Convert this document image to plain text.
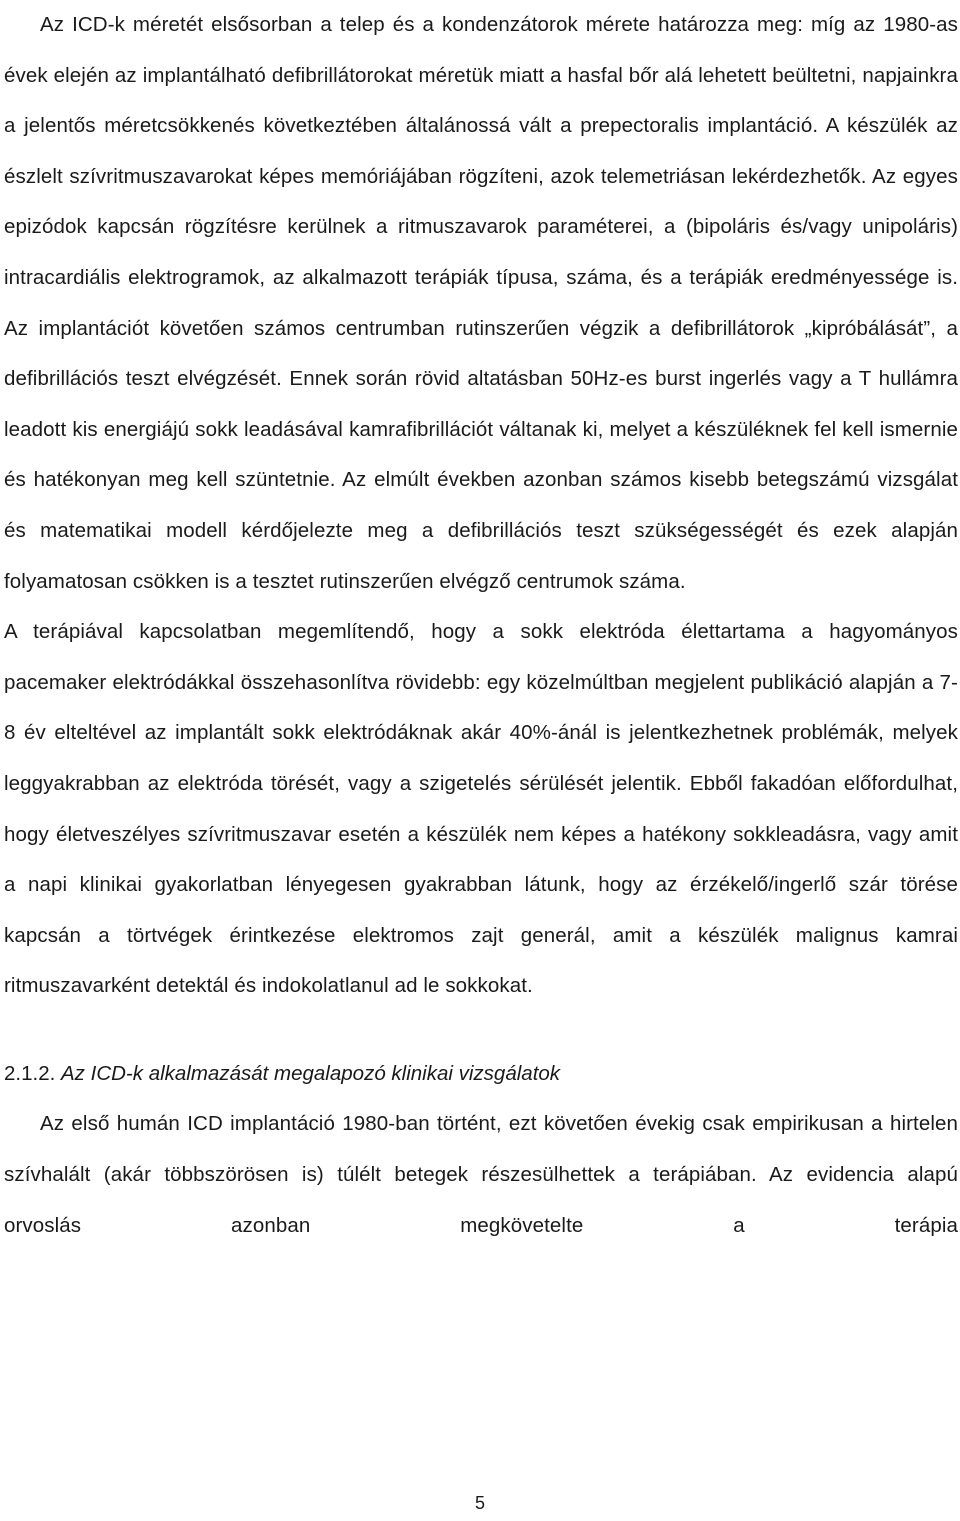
Az ICD-k méretét elsősorban a telep és a kondenzátorok mérete határozza meg: míg az 1980-as évek elején az implantálható defibrillátorokat méretük miatt a hasfal bőr alá lehetett beültetni, napjainkra a jelentős méretcsökkenés következtében általánossá vált a prepectoralis implantáció. A készülék az észlelt szívritmuszavarokat képes memóriájában rögzíteni, azok telemetriásan lekérdezhetők. Az egyes epizódok kapcsán rögzítésre kerülnek a ritmuszavarok paraméterei, a (bipoláris és/vagy unipoláris) intracardiális elektrogramok, az alkalmazott terápiák típusa, száma, és a terápiák eredményessége is. Az implantációt követően számos centrumban rutinszerűen végzik a defibrillátorok „kipróbálását”, a defibrillációs teszt elvégzését. Ennek során rövid altatásban 50Hz-es burst ingerlés vagy a T hullámra leadott kis energiájú sokk leadásával kamrafibrillációt váltanak ki, melyet a készüléknek fel kell ismernie és hatékonyan meg kell szüntetnie. Az elmúlt években azonban számos kisebb betegszámú vizsgálat és matematikai modell kérdőjelezte meg a defibrillációs teszt szükségességét és ezek alapján folyamatosan csökken is a tesztet rutinszerűen elvégző centrumok száma.

A terápiával kapcsolatban megemlítendő, hogy a sokk elektróda élettartama a hagyományos pacemaker elektródákkal összehasonlítva rövidebb: egy közelmúltban megjelent publikáció alapján a 7-8 év elteltével az implantált sokk elektródáknak akár 40%-ánál is jelentkezhetnek problémák, melyek leggyakrabban az elektróda törését, vagy a szigetelés sérülését jelentik. Ebből fakadóan előfordulhat, hogy életveszélyes szívritmuszavar esetén a készülék nem képes a hatékony sokkleadásra, vagy amit a napi klinikai gyakorlatban lényegesen gyakrabban látunk, hogy az érzékelő/ingerlő szár törése kapcsán a törtvégek érintkezése elektromos zajt generál, amit a készülék malignus kamrai ritmuszavarként detektál és indokolatlanul ad le sokkokat.

2.1.2. Az ICD-k alkalmazását megalapozó klinikai vizsgálatok

Az első humán ICD implantáció 1980-ban történt, ezt követően évekig csak empirikusan a hirtelen szívhalált (akár többszörösen is) túlélt betegek részesülhettek a terápiában. Az evidencia alapú orvoslás azonban megkövetelte a terápia

5
